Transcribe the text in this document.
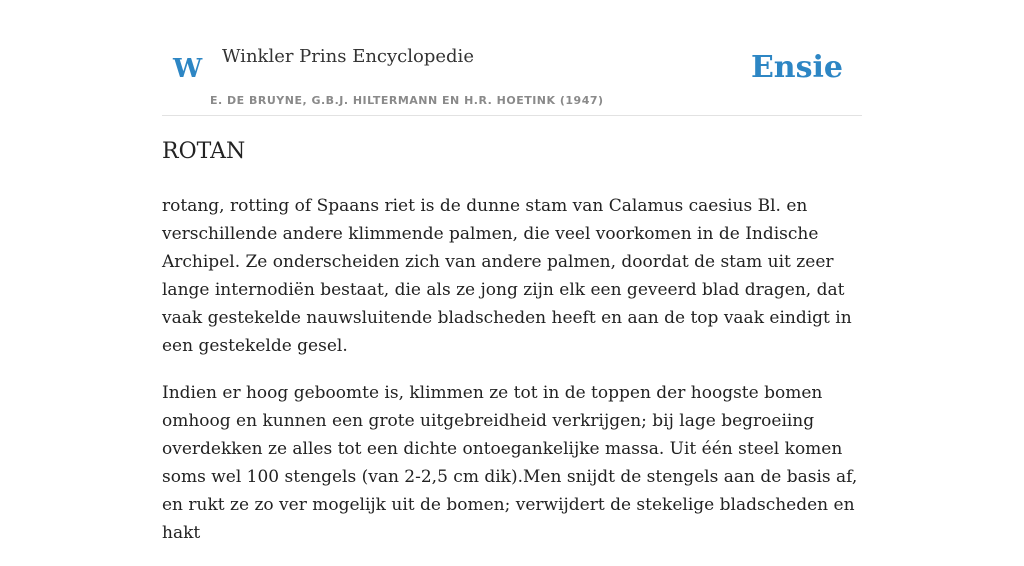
W Winkler Prins Encyclopedie
E. DE BRUYNE, G.B.J. HILTERMANN EN H.R. HOETINK (1947)
Ensie
ROTAN

rotang, rotting of Spaans riet is de dunne stam van Calamus caesius Bl. en verschillende andere klimmende palmen, die veel voorkomen in de Indische Archipel. Ze onderscheiden zich van andere palmen, doordat de stam uit zeer lange internodiën bestaat, die als ze jong zijn elk een geveerd blad dragen, dat vaak gestekelde nauwsluitende bladscheden heeft en aan de top vaak eindigt in een gestekelde gesel.

Indien er hoog geboomte is, klimmen ze tot in de toppen der hoogste bomen omhoog en kunnen een grote uitgebreidheid verkrijgen; bij lage begroeiing overdekken ze alles tot een dichte ontoegankelijke massa. Uit één steel komen soms wel 100 stengels (van 2-2,5 cm dik).Men snijdt de stengels aan de basis af, en rukt ze zo ver mogelijk uit de bomen; verwijdert de stekelige bladscheden en hakt
